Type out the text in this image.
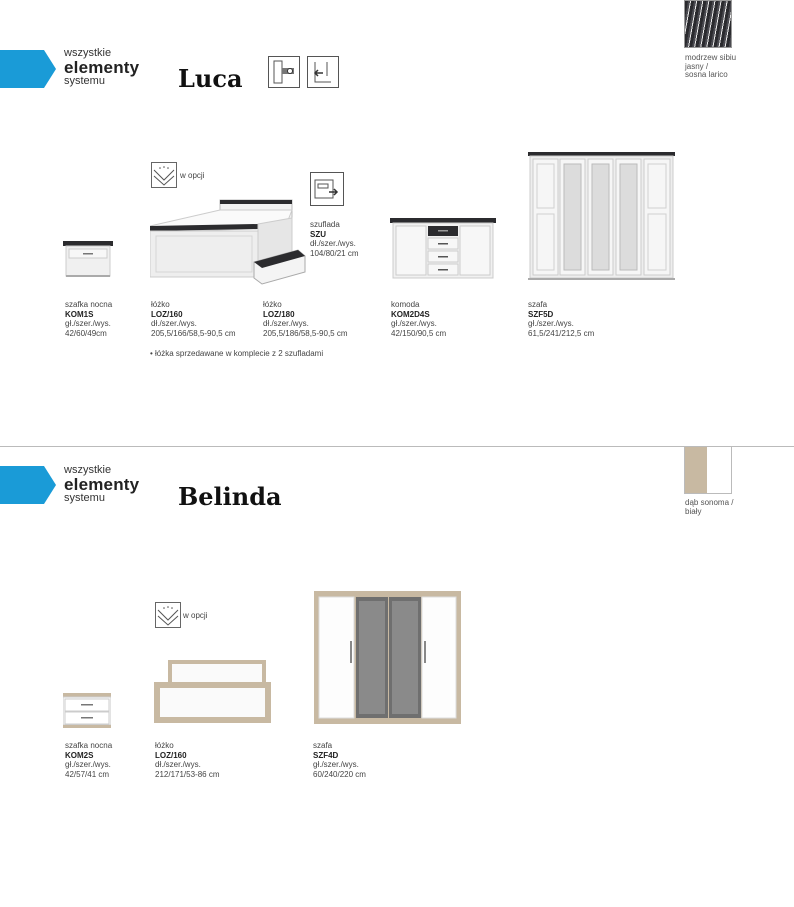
wszystkie
elementy
systemu	Luca
modrzew sibiu
jasny /
sosna larico
w opcji
szuflada
SZU
dł./szer./wys.
104/80/21 cm
szafka nocna
KOM1S
gł./szer./wys.
42/60/49cm
łóżko
LOZ/160
dł./szer./wys.
205,5/166/58,5-90,5 cm
łóżko
LOZ/180
dł./szer./wys.
205,5/186/58,5-90,5 cm
komoda
KOM2D4S
gł./szer./wys.
42/150/90,5 cm
szafa
SZF5D
gł./szer./wys.
61,5/241/212,5 cm
• łóżka sprzedawane w komplecie z 2 szufladami
wszystkie
elementy
systemu	Belinda	dąb sonoma /
biały
w opcji
szafka nocna
KOM2S
gł./szer./wys.
42/57/41 cm
łóżko
LOZ/160
dł./szer./wys.
212/171/53-86 cm
szafa
SZF4D
gł./szer./wys.
60/240/220 cm
